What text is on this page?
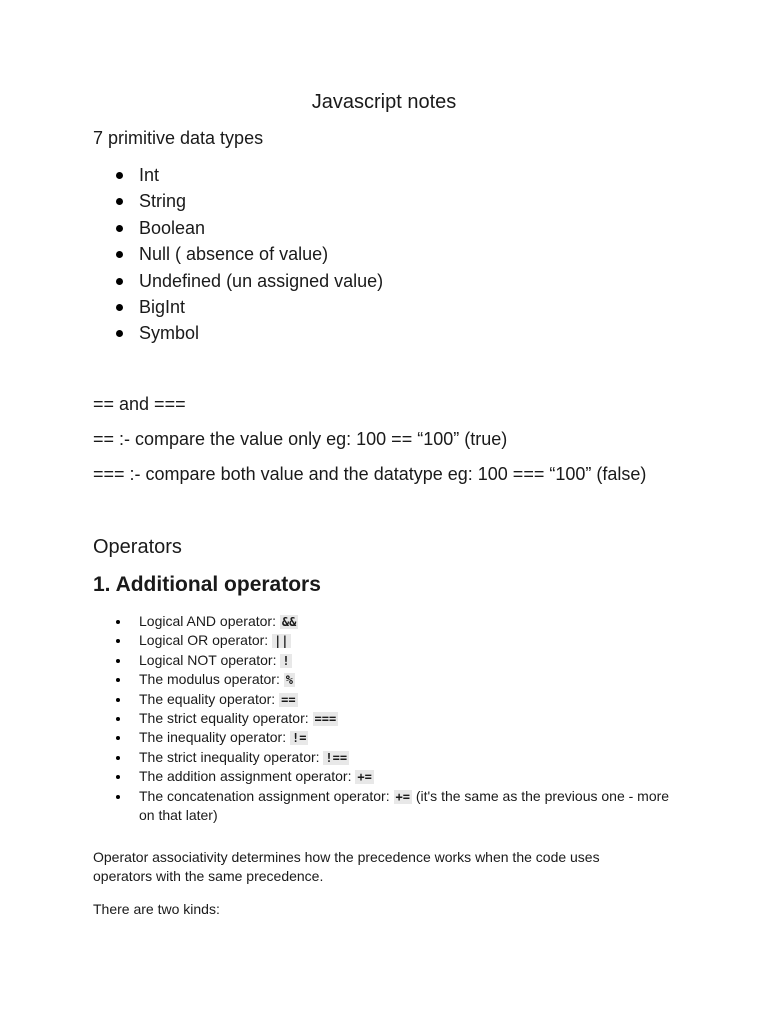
Javascript notes
7 primitive data types
Int
String
Boolean
Null ( absence of value)
Undefined (un assigned value)
BigInt
Symbol
== and ===
== :- compare the value only eg: 100 == “100” (true)
=== :- compare both value and the datatype eg: 100 === “100” (false)
Operators
1. Additional operators
Logical AND operator: &&
Logical OR operator: ||
Logical NOT operator: !
The modulus operator: %
The equality operator: ==
The strict equality operator: ===
The inequality operator: !=
The strict inequality operator: !==
The addition assignment operator: +=
The concatenation assignment operator: += (it's the same as the previous one - more on that later)
Operator associativity determines how the precedence works when the code uses operators with the same precedence.
There are two kinds:
